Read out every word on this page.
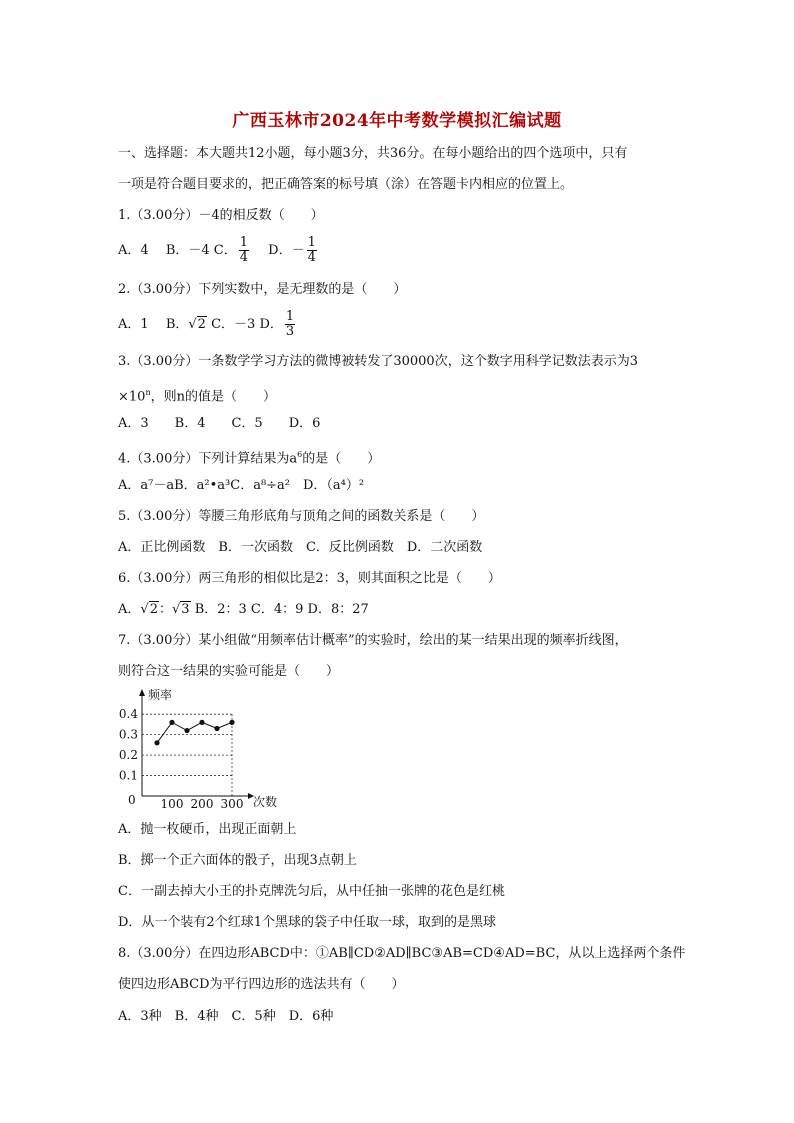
广西玉林市2024年中考数学模拟汇编试题
一、选择题：本大题共12小题，每小题3分，共36分。在每小题给出的四个选项中，只有
一项是符合题目要求的，把正确答案的标号填（涂）在答题卡内相应的位置上。
1.（3.00分）－4的相反数（　　）
A．4　 B．－4 C． $\frac{1}{4}$
　 D．－ $\frac{1}{4}$
2.（3.00分）下列实数中，是无理数的是（　　）
A．1　 B．√2 C．－3 D． $\frac{1}{3}$
3.（3.00分）一条数学学习方法的微博被转发了30000次，这个数字用科学记数法表示为3
$\times 10^n$，则n的值是（　　）
A．3　　B．4　　C．5　　D．6
4.（3.00分）下列计算结果为$a^6$的是（　　）
A．a⁷－aB．a²•a³C．a⁸÷a²　D．（a⁴）²
5.（3.00分）等腰三角形底角与顶角之间的函数关系是（　　）
A．正比例函数　B．一次函数　C．反比例函数　D．二次函数
6.（3.00分）两三角形的相似比是2：3，则其面积之比是（　　）
A．√2：√3 B．2：3 C．4：9 D．8：27
7.（3.00分）某小组做“用频率估计概率”的实验时，绘出的某一结果出现的频率折线图，
则符合这一结果的实验可能是（　　）
0.1
0.2
0.3
0.4
频率
次数
0 100 200 300
A．抛一枚硬币，出现正面朝上
B．掷一个正六面体的骰子，出现3点朝上
C．一副去掉大小王的扑克牌洗匀后，从中任抽一张牌的花色是红桃
D．从一个装有2个红球1个黑球的袋子中任取一球，取到的是黑球
8.（3.00分）在四边形ABCD中：①AB∥CD②AD∥BC③AB=CD④AD=BC，从以上选择两个条件
使四边形ABCD为平行四边形的选法共有（　　）
A．3种　B．4种　C．5种　D．6种
